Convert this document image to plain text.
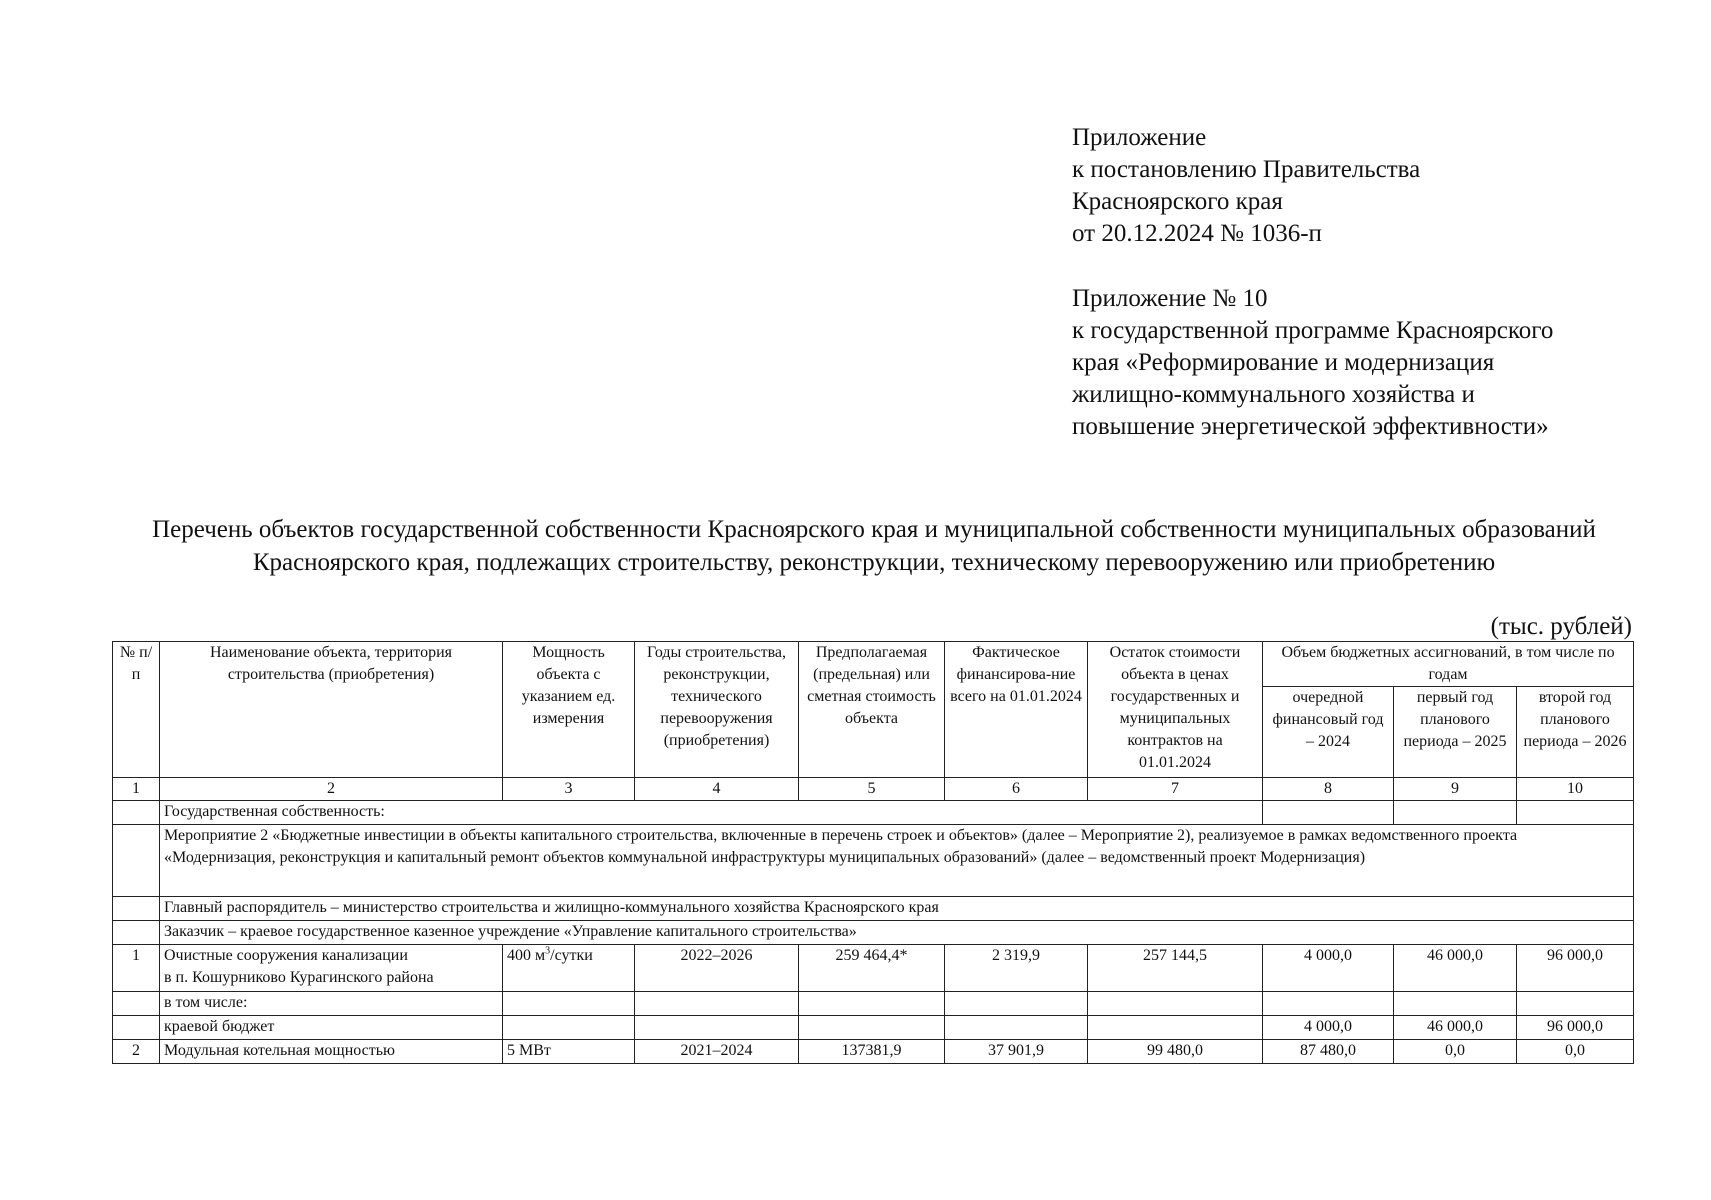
Приложение
к постановлению Правительства
Красноярского края
от 20.12.2024 № 1036-п
Приложение № 10
к государственной программе Красноярского
края «Реформирование и модернизация
жилищно-коммунального хозяйства и
повышение энергетической эффективности»
Перечень объектов государственной собственности Красноярского края и муниципальной собственности муниципальных образований Красноярского края, подлежащих строительству, реконструкции, техническому перевооружению или приобретению
(тыс. рублей)
№ п/п	Наименование объекта, территория строительства (приобретения)	Мощность объекта с указанием ед. измерения	Годы строительства, реконструкции, технического перевооружения (приобретения)	Предполагаемая (предельная) или сметная стоимость объекта	Фактическое финансирова-ние всего на 01.01.2024	Остаток стоимости объекта в ценах государственных и муниципальных контрактов на 01.01.2024	Объем бюджетных ассигнований, в том числе по годам		
							очередной финансовый год – 2024	первый год планового периода – 2025	второй год планового периода – 2026
1	2	3	4	5	6	7	8	9	10
	Государственная собственность:								
	Мероприятие 2 «Бюджетные инвестиции в объекты капитального строительства, включенные в перечень строек и объектов» (далее – Мероприятие 2), реализуемое в рамках ведомственного проекта «Модернизация, реконструкция и капитальный ремонт объектов коммунальной инфраструктуры муниципальных образований» (далее – ведомственный проект Модернизация)								
	Главный распорядитель – министерство строительства и жилищно-коммунального хозяйства Красноярского края								
	Заказчик – краевое государственное казенное учреждение «Управление капитального строительства»								
1	Очистные сооружения канализации
в п. Кошурниково Курагинского района	400 $м^3$/сутки	2022–2026	259 464,4*	2 319,9	257 144,5	4 000,0	46 000,0	96 000,0
	в том числе:								
	краевой бюджет						4 000,0	46 000,0	96 000,0
2	Модульная котельная мощностью	5 МВт	2021–2024	137381,9	37 901,9	99 480,0	87 480,0	0,0	0,0
